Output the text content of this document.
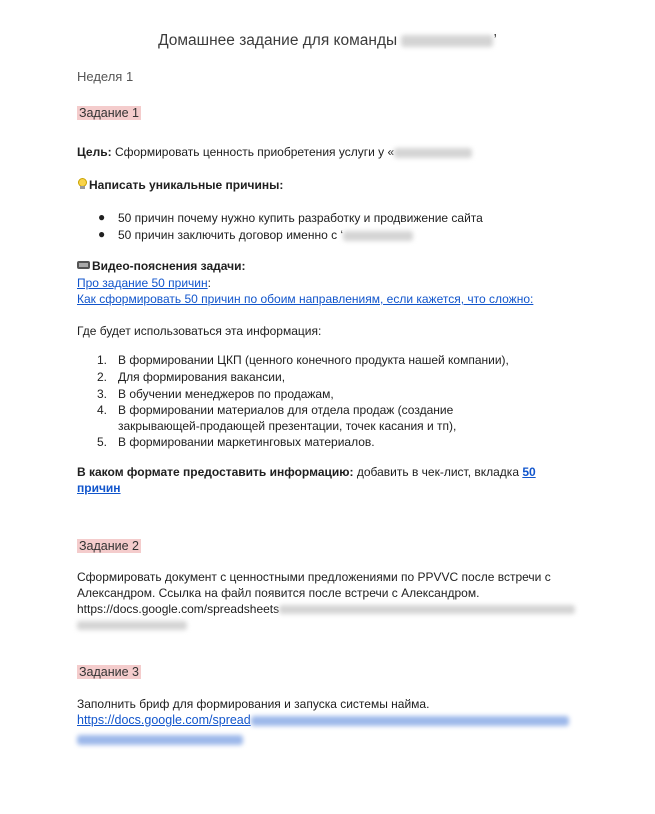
Домашнее задание для команды	’
Неделя 1
Задание 1
Цель: Сформировать ценность приобретения услуги у «
Написать уникальные причины:
● 50 причин почему нужно купить разработку и продвижение сайта
● 50 причин заключить договор именно с ‘
Видео-пояснения задачи:
Про задание 50 причин:
Как сформировать 50 причин по обоим направлениям, если кажется, что сложно:
Где будет использоваться эта информация:
1. В формировании ЦКП (ценного конечного продукта нашей компании),
2. Для формирования вакансии,
3. В обучении менеджеров по продажам,
4. В формировании материалов для отдела продаж (создание
закрывающей-продающей презентации, точек касания и тп),
5. В формировании маркетинговых материалов.
В каком формате предоставить информацию: добавить в чек-лист, вкладка 50
причин
Задание 2
Сформировать документ с ценностными предложениями по PPVVC после встречи с
Александром. Ссылка на файл появится после встречи с Александром.
https://docs.google.com/spreadsheets
Задание 3
Заполнить бриф для формирования и запуска системы найма.
https://docs.google.com/spread
